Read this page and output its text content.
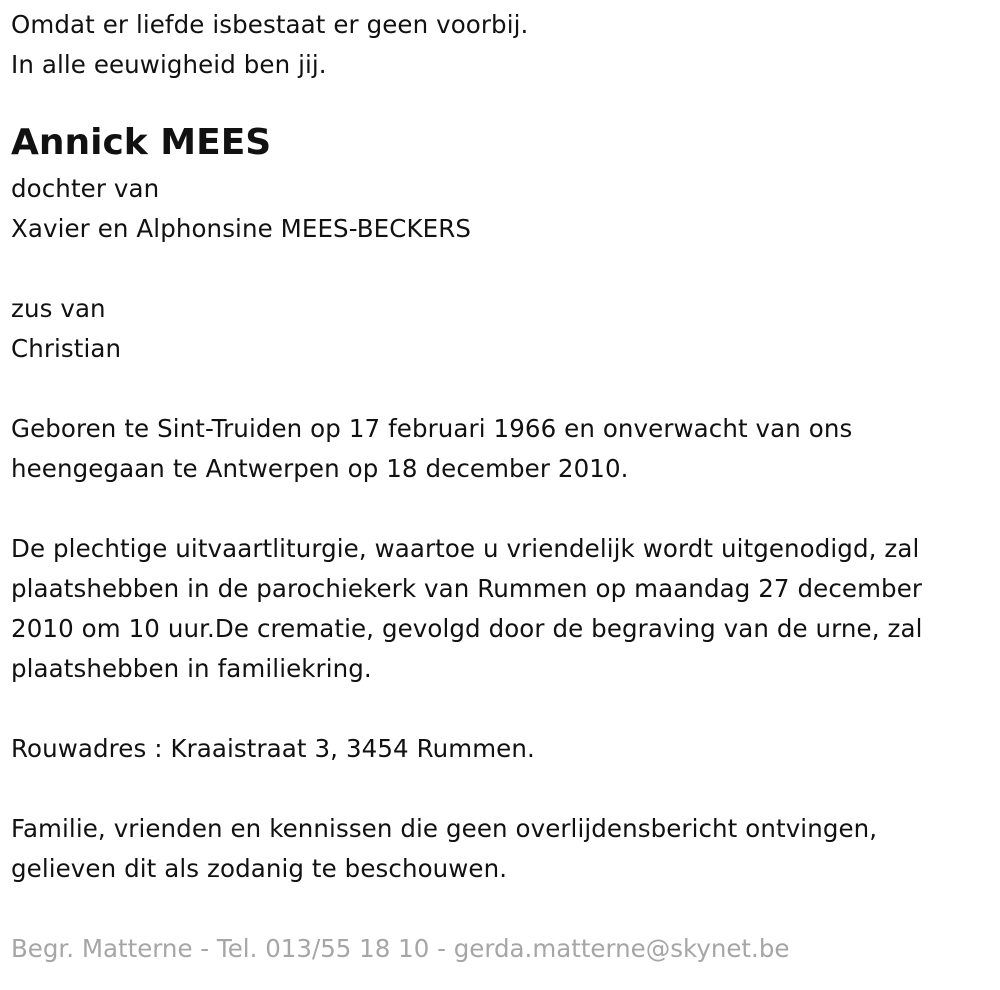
Omdat er liefde isbestaat er geen voorbij.
In alle eeuwigheid ben jij.
Annick MEES
dochter van
Xavier en Alphonsine MEES-BECKERS
zus van
Christian
Geboren te Sint-Truiden op 17 februari 1966 en onverwacht van ons
heengegaan te Antwerpen op 18 december 2010.
De plechtige uitvaartliturgie, waartoe u vriendelijk wordt uitgenodigd, zal
plaatshebben in de parochiekerk van Rummen op maandag 27 december
2010 om 10 uur.De crematie, gevolgd door de begraving van de urne, zal
plaatshebben in familiekring.
Rouwadres : Kraaistraat 3, 3454 Rummen.
Familie, vrienden en kennissen die geen overlijdensbericht ontvingen,
gelieven dit als zodanig te beschouwen.
Begr. Matterne - Tel. 013/55 18 10 - gerda.matterne@skynet.be
